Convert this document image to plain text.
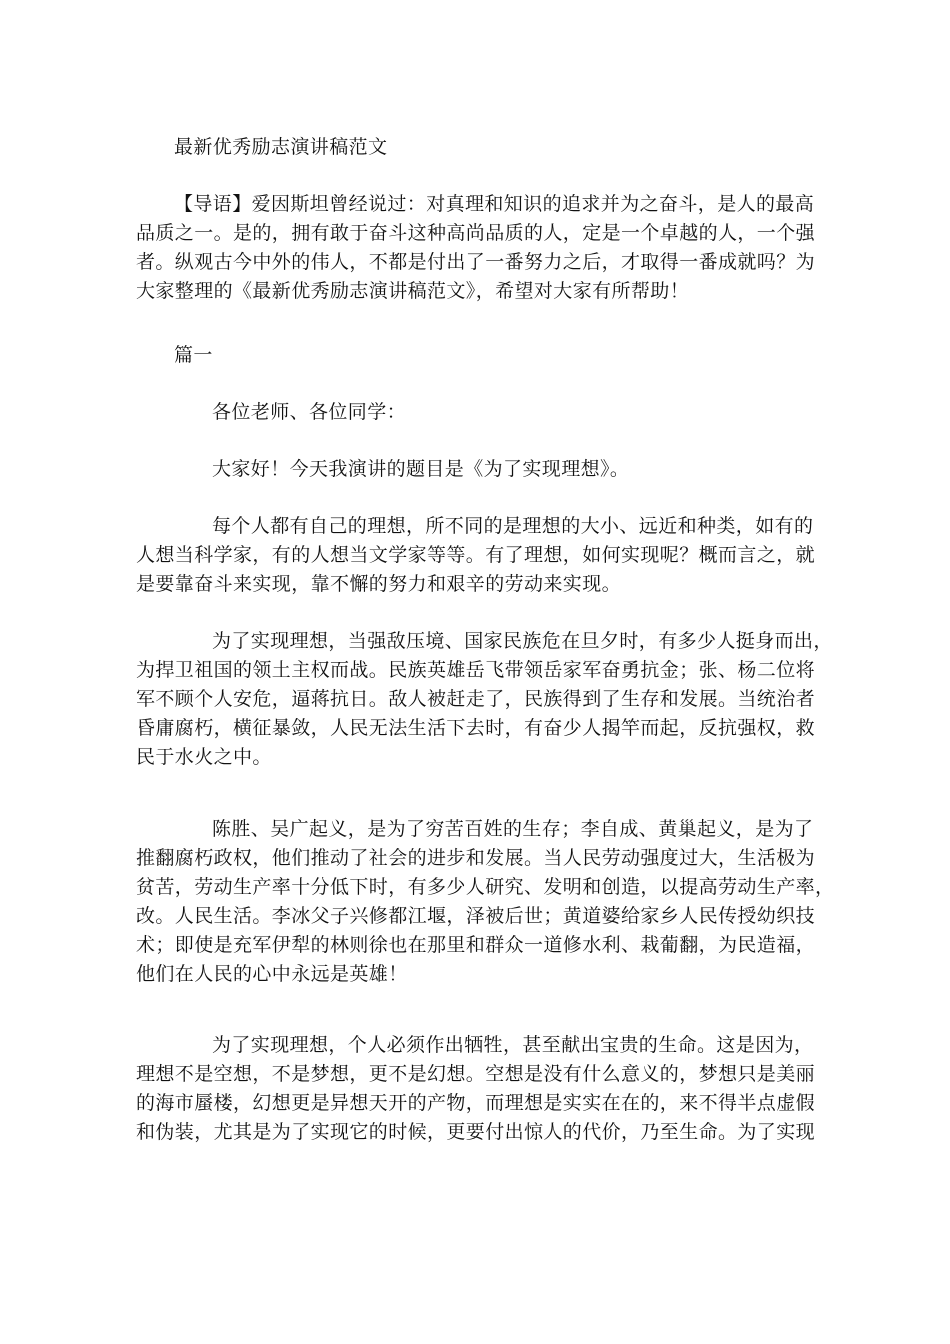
最新优秀励志演讲稿范文
【导语】爱因斯坦曾经说过：对真理和知识的追求并为之奋斗，是人的最高
品质之一。是的，拥有敢于奋斗这种高尚品质的人，定是一个卓越的人，一个强
者。纵观古今中外的伟人，不都是付出了一番努力之后，才取得一番成就吗？为
大家整理的《最新优秀励志演讲稿范文》，希望对大家有所帮助！
篇一
各位老师、各位同学：
大家好！今天我演讲的题目是《为了实现理想》。
每个人都有自己的理想，所不同的是理想的大小、远近和种类，如有的
人想当科学家，有的人想当文学家等等。有了理想，如何实现呢？概而言之，就
是要靠奋斗来实现，靠不懈的努力和艰辛的劳动来实现。
为了实现理想，当强敌压境、国家民族危在旦夕时，有多少人挺身而出，
为捍卫祖国的领土主权而战。民族英雄岳飞带领岳家军奋勇抗金；张、杨二位将
军不顾个人安危，逼蒋抗日。敌人被赶走了，民族得到了生存和发展。当统治者
昏庸腐朽，横征暴敛，人民无法生活下去时，有奋少人揭竿而起，反抗强权，救
民于水火之中。
陈胜、吴广起义，是为了穷苦百姓的生存；李自成、黄巢起义，是为了
推翻腐朽政权，他们推动了社会的进步和发展。当人民劳动强度过大，生活极为
贫苦，劳动生产率十分低下时，有多少人研究、发明和创造，以提高劳动生产率，
改。人民生活。李冰父子兴修都江堰，泽被后世；黄道婆给家乡人民传授幼织技
术；即使是充军伊犁的林则徐也在那里和群众一道修水利、栽葡翻，为民造福，
他们在人民的心中永远是英雄！
为了实现理想，个人必须作出牺牲，甚至献出宝贵的生命。这是因为，
理想不是空想，不是梦想，更不是幻想。空想是没有什么意义的，梦想只是美丽
的海市蜃楼，幻想更是异想天开的产物，而理想是实实在在的，来不得半点虚假
和伪装，尤其是为了实现它的时候，更要付出惊人的代价，乃至生命。为了实现
